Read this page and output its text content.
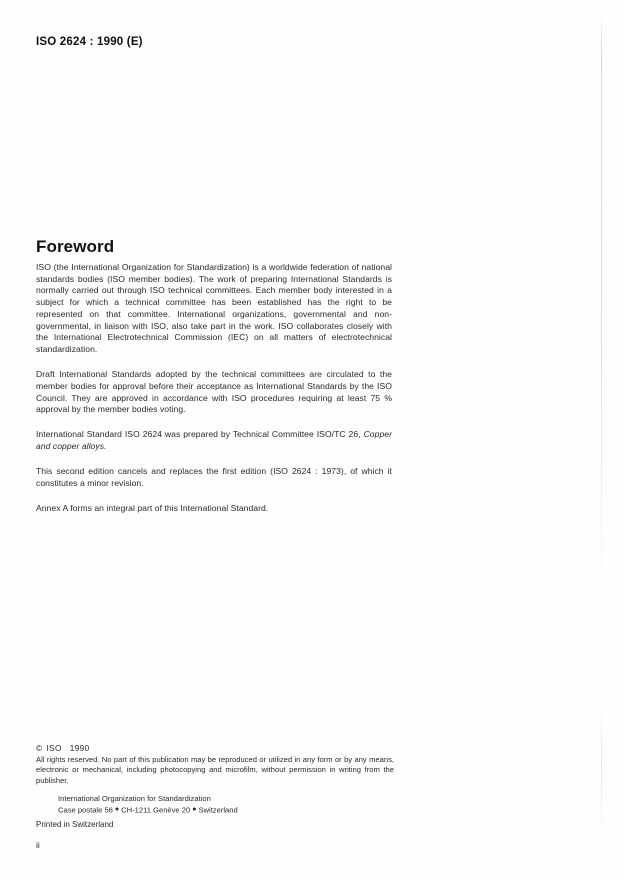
ISO 2624 : 1990 (E)
Foreword

ISO (the International Organization for Standardization) is a worldwide federation of national standards bodies (ISO member bodies). The work of preparing International Standards is normally carried out through ISO technical committees. Each member body interested in a subject for which a technical committee has been established has the right to be represented on that committee. International organizations, governmental and non-governmental, in liaison with ISO, also take part in the work. ISO collaborates closely with the International Electrotechnical Commission (IEC) on all matters of electrotechnical standardization.

Draft International Standards adopted by the technical committees are circulated to the member bodies for approval before their acceptance as International Standards by the ISO Council. They are approved in accordance with ISO procedures requiring at least 75 % approval by the member bodies voting.

International Standard ISO 2624 was prepared by Technical Committee ISO/TC 26, Copper and copper alloys.

This second edition cancels and replaces the first edition (ISO 2624 : 1973), of which it constitutes a minor revision.

Annex A forms an integral part of this International Standard.

© ISO 1990

All rights reserved. No part of this publication may be reproduced or utilized in any form or by any means, electronic or mechanical, including photocopying and microfilm, without permission in writing from the publisher.

International Organization for Standardization
Case postale 56 ● CH-1211 Genève 20 ● Switzerland
Printed in Switzerland
ii
